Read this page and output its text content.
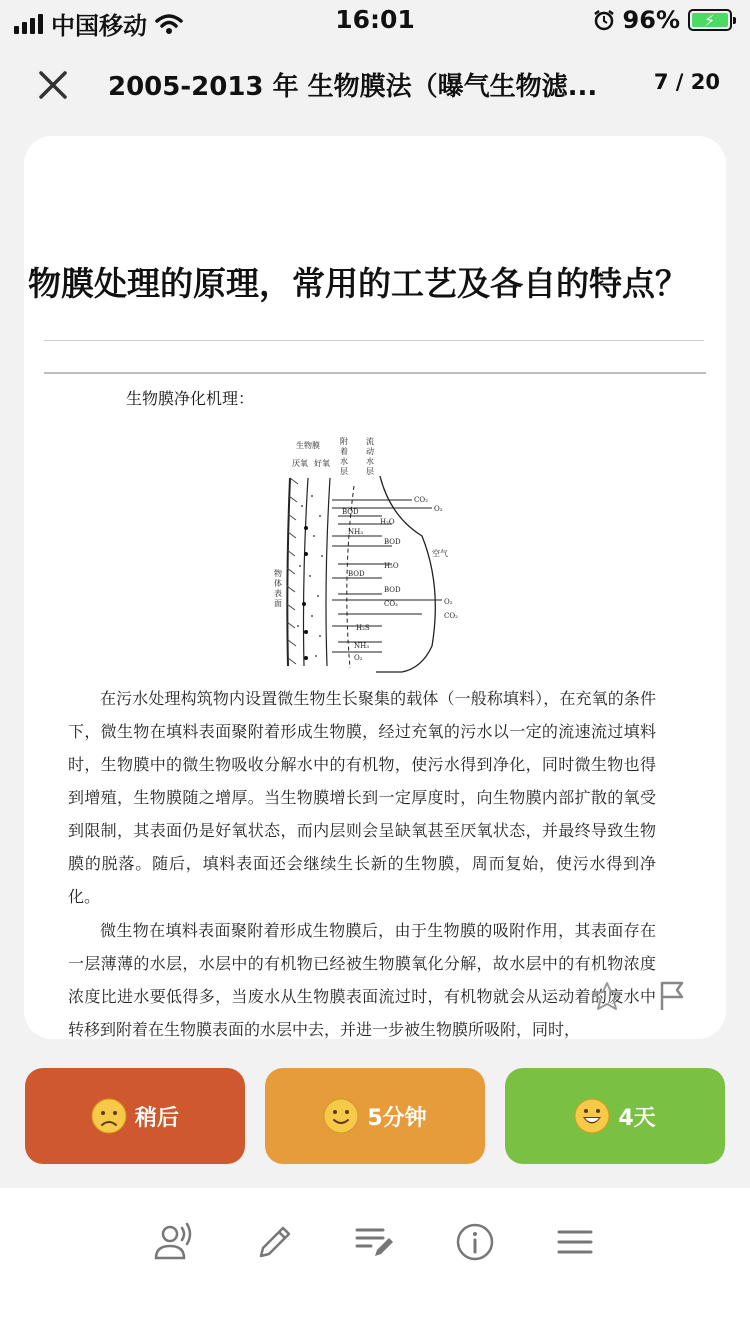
中国移动	16:01	96% ⚡
2005-2013 年 生物膜法（曝气生物滤...	7 / 20
物膜处理的原理，常用的工艺及各自的特点？
生物膜净化机理：
生物膜
厌氧 好氧
附
着
水
层
流
动
水
层
物
体
表
面
空气
CO₂
O₂
BOD
H₂O
NH₃
BOD
H₂O
BOD
BOD
CO₂	O₂
CO₂
H₂S
NH₃
O₂
在污水处理构筑物内设置微生物生长聚集的载体（一般称填料），在充氧的条件下，微生物在填料表面聚附着形成生物膜，经过充氧的污水以一定的流速流过填料时，生物膜中的微生物吸收分解水中的有机物，使污水得到净化，同时微生物也得到增殖，生物膜随之增厚。当生物膜增长到一定厚度时，向生物膜内部扩散的氧受到限制，其表面仍是好氧状态，而内层则会呈缺氧甚至厌氧状态，并最终导致生物膜的脱落。随后，填料表面还会继续生长新的生物膜，周而复始，使污水得到净化。
微生物在填料表面聚附着形成生物膜后，由于生物膜的吸附作用，其表面存在一层薄薄的水层，水层中的有机物已经被生物膜氧化分解，故水层中的有机物浓度浓度比进水要低得多，当废水从生物膜表面流过时，有机物就会从运动着的废水中转移到附着在生物膜表面的水层中去，并进一步被生物膜所吸附，同时，
稍后	5分钟	4天
